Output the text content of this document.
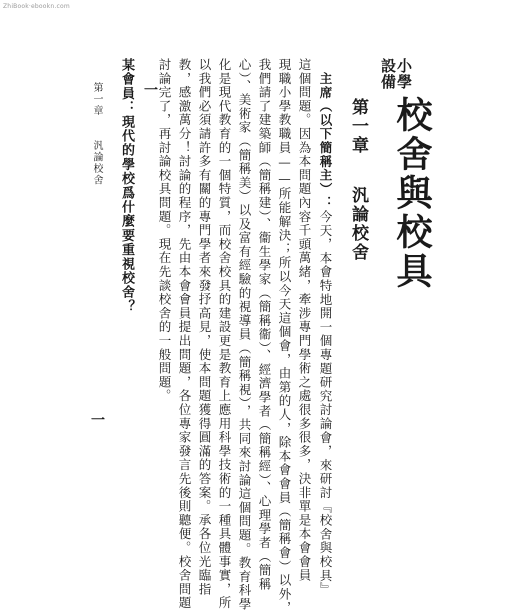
ZhiBook·ebookn.com
小學
設備
校舍與校具
第一章
汎論校舍
主席（以下簡稱主）：今天，本會特地開一個專題研究討論會，來研討『校舍與校具』
這個問題。因為本問題內容千頭萬緒，牽涉專門學術之處很多很多，決非單是本會會員
現職小學教職員——所能解決；所以今天這個會，由第的人，除本會會員（簡稱會）以外，
我們請了建築師（簡稱建）、衞生學家（簡稱衞）、經濟學者（簡稱經）、心理學者（簡稱
心）、美術家（簡稱美）以及富有經驗的視導員（簡稱視），共同來討論這個問題。教育科學
化是現代教育的一個特質，而校舍校具的建設更是教育上應用科學技術的一種具體事實，所
以我們必須請許多有關的專門學者來發抒高見，使本問題獲得圓滿的答案。承各位光臨指
教，感激萬分！討論的程序，先由本會會員提出問題，各位專家發言先後則聽便。校舍問題
討論完了，再討論校具問題。現在先談校舍的一般問題。
一
某會員：現代的學校爲什麼要重視校舍？
第一章
汎論校舍
一
